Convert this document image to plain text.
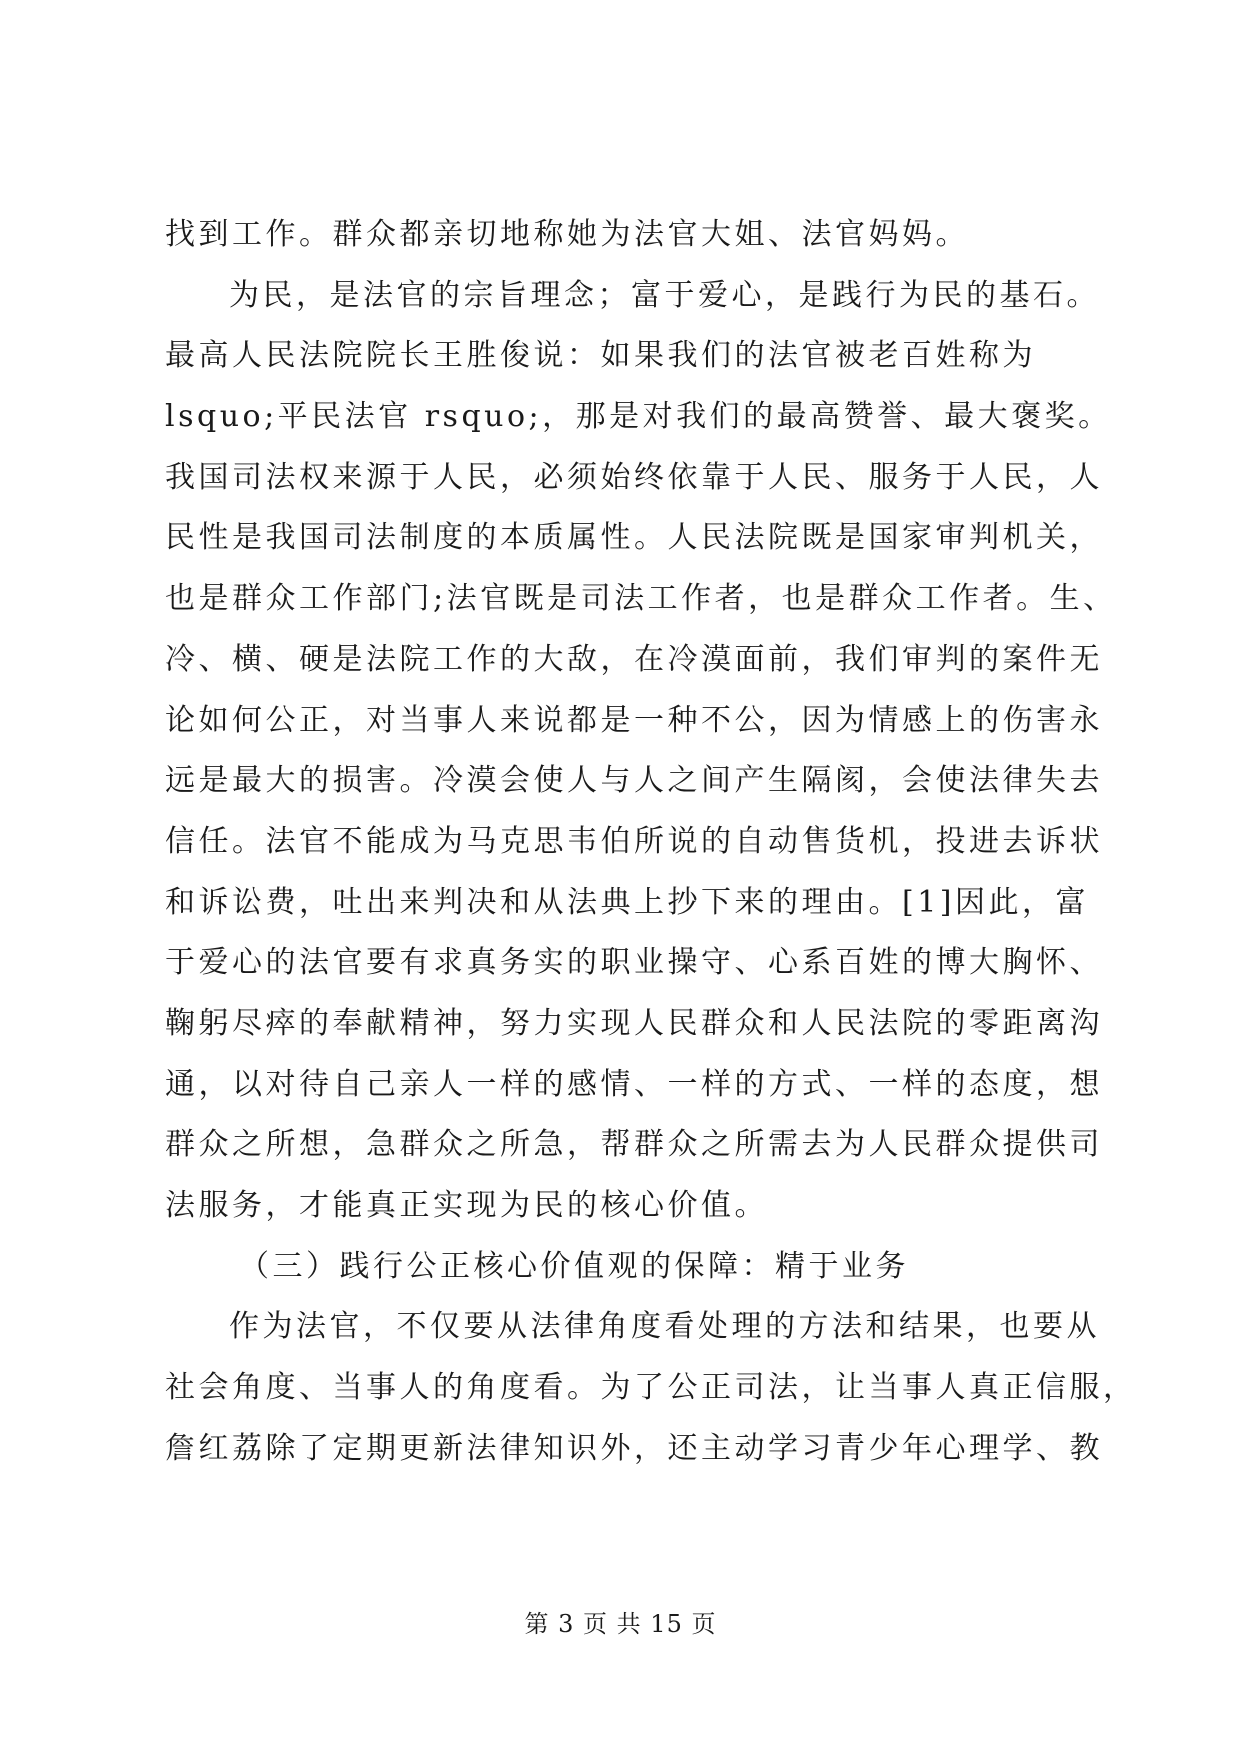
找到工作。群众都亲切地称她为法官大姐、法官妈妈。
为民，是法官的宗旨理念；富于爱心，是践行为民的基石。
最高人民法院院长王胜俊说：如果我们的法官被老百姓称为
lsquo;平民法官 rsquo;，那是对我们的最高赞誉、最大褒奖。
我国司法权来源于人民，必须始终依靠于人民、服务于人民，人
民性是我国司法制度的本质属性。人民法院既是国家审判机关，
也是群众工作部门;法官既是司法工作者，也是群众工作者。生、
冷、横、硬是法院工作的大敌，在冷漠面前，我们审判的案件无
论如何公正，对当事人来说都是一种不公，因为情感上的伤害永
远是最大的损害。冷漠会使人与人之间产生隔阂，会使法律失去
信任。法官不能成为马克思韦伯所说的自动售货机，投进去诉状
和诉讼费，吐出来判决和从法典上抄下来的理由。[1]因此，富
于爱心的法官要有求真务实的职业操守、心系百姓的博大胸怀、
鞠躬尽瘁的奉献精神，努力实现人民群众和人民法院的零距离沟
通，以对待自己亲人一样的感情、一样的方式、一样的态度，想
群众之所想，急群众之所急，帮群众之所需去为人民群众提供司
法服务，才能真正实现为民的核心价值。
（三）践行公正核心价值观的保障：精于业务
作为法官，不仅要从法律角度看处理的方法和结果，也要从
社会角度、当事人的角度看。为了公正司法，让当事人真正信服，
詹红荔除了定期更新法律知识外，还主动学习青少年心理学、教
第 3 页 共 15 页
